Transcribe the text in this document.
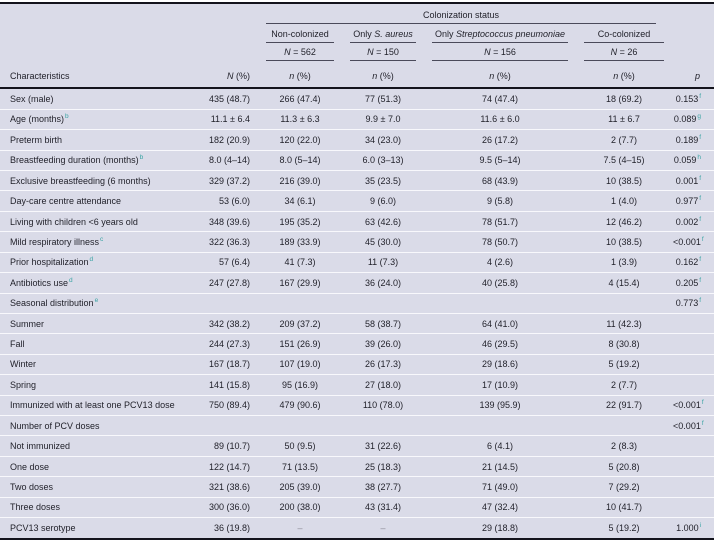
		Colonization status				

		Non-colonized	Only S. aureus	Only Streptococcus pneumoniae	Co-colonized	

		N = 562	N = 150	N = 156	N = 26	

Characteristics	N (%)	n (%)	n (%)	n (%)	n (%)	p
Sex (male)	435 (48.7)	266 (47.4)	77 (51.3)	74 (47.4)	18 (69.2)	0.153$^f$
Age (months)$^b$	11.1 ± 6.4	11.3 ± 6.3	9.9 ± 7.0	11.6 ± 6.0	11 ± 6.7	0.089$^g$
Preterm birth	182 (20.9)	120 (22.0)	34 (23.0)	26 (17.2)	2 (7.7)	0.189$^f$
Breastfeeding duration (months)$^b$	8.0 (4–14)	8.0 (5–14)	6.0 (3–13)	9.5 (5–14)	7.5 (4–15)	0.059$^h$
Exclusive breastfeeding (6 months)	329 (37.2)	216 (39.0)	35 (23.5)	68 (43.9)	10 (38.5)	0.001$^f$
Day-care centre attendance	53 (6.0)	34 (6.1)	9 (6.0)	9 (5.8)	1 (4.0)	0.977$^f$
Living with children <6 years old	348 (39.6)	195 (35.2)	63 (42.6)	78 (51.7)	12 (46.2)	0.002$^f$
Mild respiratory illness$^c$	322 (36.3)	189 (33.9)	45 (30.0)	78 (50.7)	10 (38.5)	<0.001$^f$
Prior hospitalization$^d$	57 (6.4)	41 (7.3)	11 (7.3)	4 (2.6)	1 (3.9)	0.162$^f$
Antibiotics use$^d$	247 (27.8)	167 (29.9)	36 (24.0)	40 (25.8)	4 (15.4)	0.205$^f$
Seasonal distribution$^e$						0.773$^f$
Summer	342 (38.2)	209 (37.2)	58 (38.7)	64 (41.0)	11 (42.3)	
Fall	244 (27.3)	151 (26.9)	39 (26.0)	46 (29.5)	8 (30.8)	
Winter	167 (18.7)	107 (19.0)	26 (17.3)	29 (18.6)	5 (19.2)	
Spring	141 (15.8)	95 (16.9)	27 (18.0)	17 (10.9)	2 (7.7)	
Immunized with at least one PCV13 dose	750 (89.4)	479 (90.6)	110 (78.0)	139 (95.9)	22 (91.7)	<0.001$^f$
Number of PCV doses						<0.001$^f$
Not immunized	89 (10.7)	50 (9.5)	31 (22.6)	6 (4.1)	2 (8.3)	
One dose	122 (14.7)	71 (13.5)	25 (18.3)	21 (14.5)	5 (20.8)	
Two doses	321 (38.6)	205 (39.0)	38 (27.7)	71 (49.0)	7 (29.2)	
Three doses	300 (36.0)	200 (38.0)	43 (31.4)	47 (32.4)	10 (41.7)	
PCV13 serotype	36 (19.8)	–	–	29 (18.8)	5 (19.2)	1.000$^i$
